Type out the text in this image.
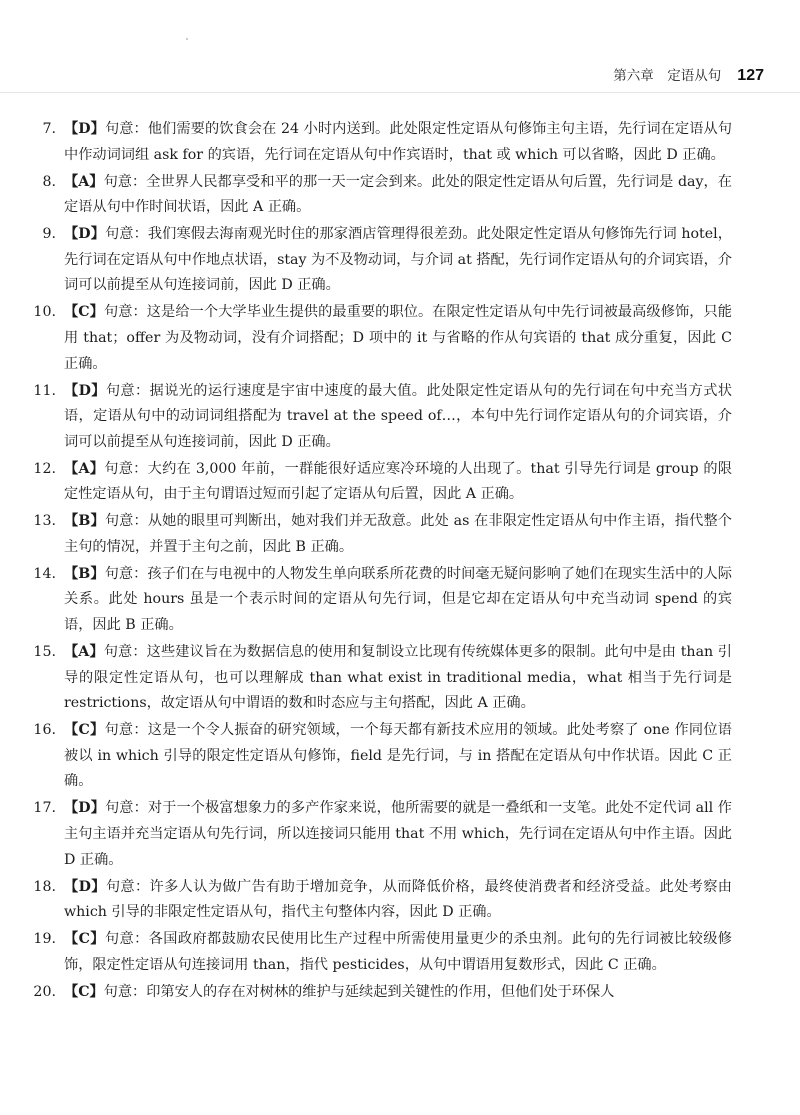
第六章　定语从句 127
7. 【D】句意：他们需要的饮食会在 24 小时内送到。此处限定性定语从句修饰主句主语，先行词在定语从句中作动词词组 ask for 的宾语，先行词在定语从句中作宾语时，that 或 which 可以省略，因此 D 正确。
8. 【A】句意：全世界人民都享受和平的那一天一定会到来。此处的限定性定语从句后置，先行词是 day，在定语从句中作时间状语，因此 A 正确。
9. 【D】句意：我们寒假去海南观光时住的那家酒店管理得很差劲。此处限定性定语从句修饰先行词 hotel，先行词在定语从句中作地点状语，stay 为不及物动词，与介词 at 搭配，先行词作定语从句的介词宾语，介词可以前提至从句连接词前，因此 D 正确。
10. 【C】句意：这是给一个大学毕业生提供的最重要的职位。在限定性定语从句中先行词被最高级修饰，只能用 that；offer 为及物动词，没有介词搭配；D 项中的 it 与省略的作从句宾语的 that 成分重复，因此 C 正确。
11. 【D】句意：据说光的运行速度是宇宙中速度的最大值。此处限定性定语从句的先行词在句中充当方式状语，定语从句中的动词词组搭配为 travel at the speed of…，本句中先行词作定语从句的介词宾语，介词可以前提至从句连接词前，因此 D 正确。
12. 【A】句意：大约在 3,000 年前，一群能很好适应寒冷环境的人出现了。that 引导先行词是 group 的限定性定语从句，由于主句谓语过短而引起了定语从句后置，因此 A 正确。
13. 【B】句意：从她的眼里可判断出，她对我们并无敌意。此处 as 在非限定性定语从句中作主语，指代整个主句的情况，并置于主句之前，因此 B 正确。
14. 【B】句意：孩子们在与电视中的人物发生单向联系所花费的时间毫无疑问影响了她们在现实生活中的人际关系。此处 hours 虽是一个表示时间的定语从句先行词，但是它却在定语从句中充当动词 spend 的宾语，因此 B 正确。
15. 【A】句意：这些建议旨在为数据信息的使用和复制设立比现有传统媒体更多的限制。此句中是由 than 引导的限定性定语从句，也可以理解成 than what exist in traditional media，what 相当于先行词是 restrictions，故定语从句中谓语的数和时态应与主句搭配，因此 A 正确。
16. 【C】句意：这是一个令人振奋的研究领域，一个每天都有新技术应用的领域。此处考察了 one 作同位语被以 in which 引导的限定性定语从句修饰，field 是先行词，与 in 搭配在定语从句中作状语。因此 C 正确。
17. 【D】句意：对于一个极富想象力的多产作家来说，他所需要的就是一叠纸和一支笔。此处不定代词 all 作主句主语并充当定语从句先行词，所以连接词只能用 that 不用 which，先行词在定语从句中作主语。因此 D 正确。
18. 【D】句意：许多人认为做广告有助于增加竞争，从而降低价格，最终使消费者和经济受益。此处考察由 which 引导的非限定性定语从句，指代主句整体内容，因此 D 正确。
19. 【C】句意：各国政府都鼓励农民使用比生产过程中所需使用量更少的杀虫剂。此句的先行词被比较级修饰，限定性定语从句连接词用 than，指代 pesticides，从句中谓语用复数形式，因此 C 正确。
20. 【C】句意：印第安人的存在对树林的维护与延续起到关键性的作用，但他们处于环保人
